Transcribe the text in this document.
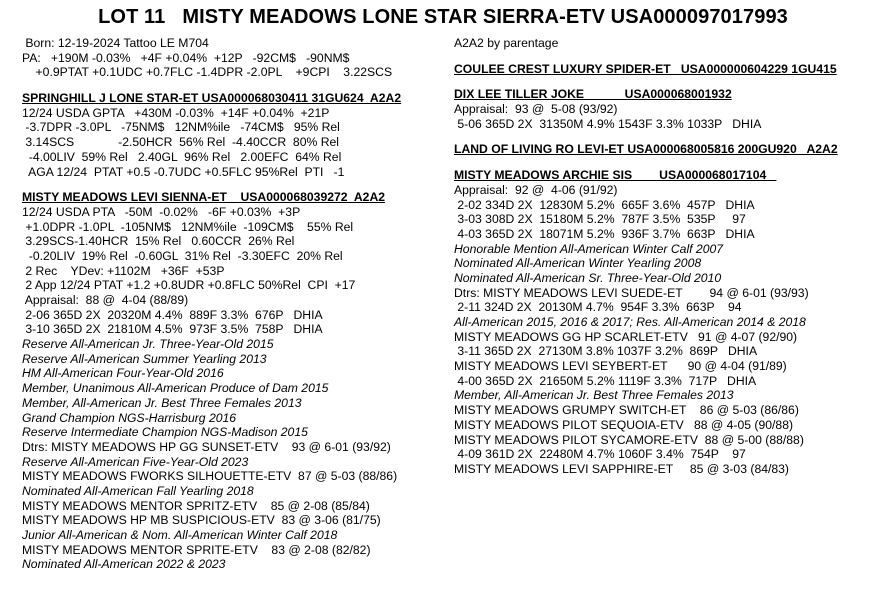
LOT 11   MISTY MEADOWS LONE STAR SIERRA-ETV USA000097017993
Born: 12-19-2024 Tattoo LE M704
PA:   +190M -0.03%   +4F +0.04%  +12P   -92CM$   -90NM$
+0.9PTAT +0.1UDC +0.7FLC -1.4DPR -2.0PL    +9CPI    3.22SCS
SPRINGHILL J LONE STAR-ET USA000068030411 31GU624  A2A2
12/24 USDA GPTA   +430M -0.03%  +14F +0.04%  +21P
-3.7DPR -3.0PL   -75NM$   12NM%ile   -74CM$   95% Rel
3.14SCS             -2.50HCR  56% Rel  -4.40CCR  80% Rel
-4.00LIV  59% Rel   2.40GL  96% Rel   2.00EFC  64% Rel
AGA 12/24  PTAT +0.5 -0.7UDC +0.5FLC 95%Rel  PTI   -1
MISTY MEADOWS LEVI SIENNA-ET    USA000068039272  A2A2
12/24 USDA PTA   -50M  -0.02%   -6F +0.03%  +3P
+1.0DPR -1.0PL  -105NM$   12NM%ile  -109CM$    55% Rel
3.29SCS-1.40HCR  15% Rel   0.60CCR  26% Rel
-0.20LIV  19% Rel  -0.60GL  31% Rel  -3.30EFC  20% Rel
2 Rec    YDev: +1102M   +36F  +53P
2 App 12/24 PTAT +1.2 +0.8UDR +0.8FLC 50%Rel  CPI  +17
Appraisal:  88 @  4-04 (88/89)
2-06 365D 2X  20320M 4.4%  889F 3.3%  676P   DHIA
3-10 365D 2X  21810M 4.5%  973F 3.5%  758P   DHIA
Reserve All-American Jr. Three-Year-Old 2015
Reserve All-American Summer Yearling 2013
HM All-American Four-Year-Old 2016
Member, Unanimous All-American Produce of Dam 2015
Member, All-American Jr. Best Three Females 2013
Grand Champion NGS-Harrisburg 2016
Reserve Intermediate Champion NGS-Madison 2015
Dtrs: MISTY MEADOWS HP GG SUNSET-ETV    93 @ 6-01 (93/92)
Reserve All-American Five-Year-Old 2023
MISTY MEADOWS FWORKS SILHOUETTE-ETV  87 @ 5-03 (88/86)
Nominated All-American Fall Yearling 2018
MISTY MEADOWS MENTOR SPRITZ-ETV    85 @ 2-08 (85/84)
MISTY MEADOWS HP MB SUSPICIOUS-ETV  83 @ 3-06 (81/75)
Junior All-American & Nom. All-American Winter Calf 2018
MISTY MEADOWS MENTOR SPRITE-ETV    83 @ 2-08 (82/82)
Nominated All-American 2022 & 2023
A2A2 by parentage
COULEE CREST LUXURY SPIDER-ET   USA000000604229 1GU415
DIX LEE TILLER JOKE            USA000068001932
Appraisal:  93 @  5-08 (93/92)
5-06 365D 2X  31350M 4.9% 1543F 3.3% 1033P   DHIA
LAND OF LIVING RO LEVI-ET USA000068005816 200GU920   A2A2
MISTY MEADOWS ARCHIE SIS        USA000068017104
Appraisal:  92 @  4-06 (91/92)
2-02 334D 2X  12830M 5.2%  665F 3.6%  457P   DHIA
3-03 308D 2X  15180M 5.2%  787F 3.5%  535P     97
4-03 365D 2X  18071M 5.2%  936F 3.7%  663P   DHIA
Honorable Mention All-American Winter Calf 2007
Nominated All-American Winter Yearling 2008
Nominated All-American Sr. Three-Year-Old 2010
Dtrs: MISTY MEADOWS LEVI SUEDE-ET        94 @ 6-01 (93/93)
2-11 324D 2X  20130M 4.7%  954F 3.3%  663P    94
All-American 2015, 2016 & 2017; Res. All-American 2014 & 2018
MISTY MEADOWS GG HP SCARLET-ETV   91 @ 4-07 (92/90)
3-11 365D 2X  27130M 3.8% 1037F 3.2%  869P   DHIA
MISTY MEADOWS LEVI SEYBERT-ET      90 @ 4-04 (91/89)
4-00 365D 2X  21650M 5.2% 1119F 3.3%  717P   DHIA
Member, All-American Jr. Best Three Females 2013
MISTY MEADOWS GRUMPY SWITCH-ET    86 @ 5-03 (86/86)
MISTY MEADOWS PILOT SEQUOIA-ETV   88 @ 4-05 (90/88)
MISTY MEADOWS PILOT SYCAMORE-ETV  88 @ 5-00 (88/88)
4-09 361D 2X  22480M 4.7% 1060F 3.4%  754P    97
MISTY MEADOWS LEVI SAPPHIRE-ET     85 @ 3-03 (84/83)
